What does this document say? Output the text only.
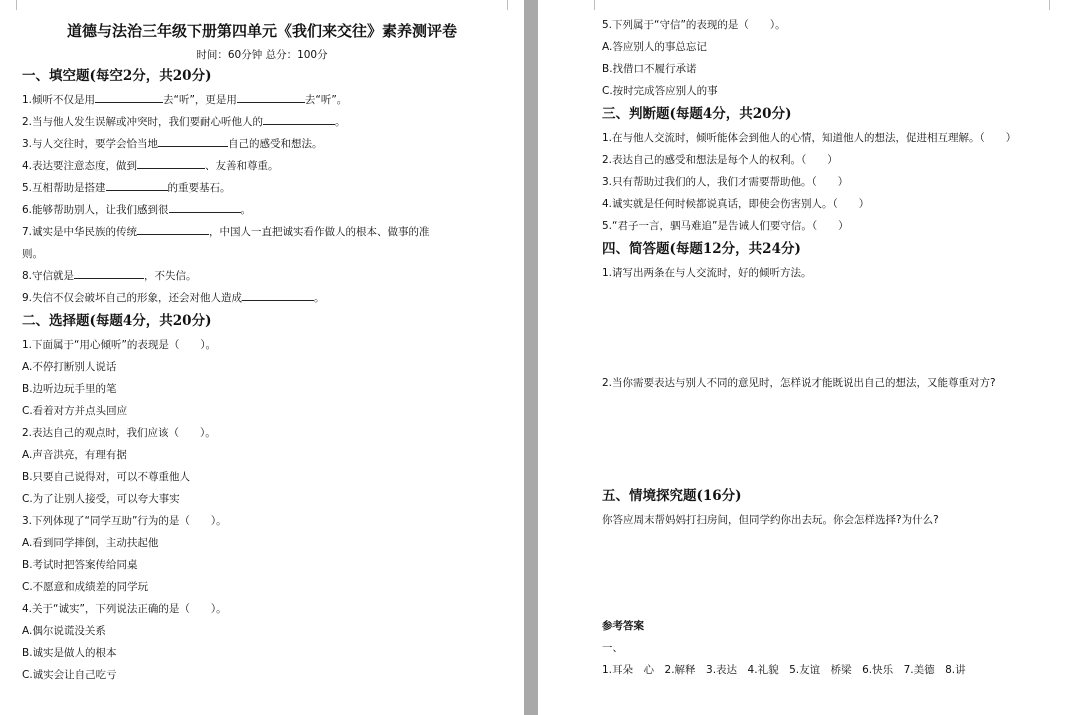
道德与法治三年级下册第四单元《我们来交往》素养测评卷
时间：60分钟 总分：100分
一、填空题(每空2分，共20分)
1.倾听不仅是用	去“听”，更是用	去“听”。
2.当与他人发生误解或冲突时，我们要耐心听他人的	。
3.与人交往时，要学会恰当地	自己的感受和想法。
4.表达要注意态度，做到	、友善和尊重。
5.互相帮助是搭建	的重要基石。
6.能够帮助别人，让我们感到很	。
7.诚实是中华民族的传统	，中国人一直把诚实看作做人的根本、做事的准
则。
8.守信就是	，不失信。
9.失信不仅会破坏自己的形象，还会对他人造成	。
二、选择题(每题4分，共20分)
1.下面属于“用心倾听”的表现是（　　）。
A.不停打断别人说话
B.边听边玩手里的笔
C.看着对方并点头回应
2.表达自己的观点时，我们应该（　　）。
A.声音洪亮，有理有据
B.只要自己说得对，可以不尊重他人
C.为了让别人接受，可以夸大事实
3.下列体现了“同学互助”行为的是（　　）。
A.看到同学摔倒，主动扶起他
B.考试时把答案传给同桌
C.不愿意和成绩差的同学玩
4.关于“诚实”，下列说法正确的是（　　）。
A.偶尔说谎没关系
B.诚实是做人的根本
C.诚实会让自己吃亏
5.下列属于“守信”的表现的是（　　）。
A.答应别人的事总忘记
B.找借口不履行承诺
C.按时完成答应别人的事
三、判断题(每题4分，共20分)
1.在与他人交流时，倾听能体会到他人的心情，知道他人的想法，促进相互理解。（　　）
2.表达自己的感受和想法是每个人的权利。（　　）
3.只有帮助过我们的人，我们才需要帮助他。（　　）
4.诚实就是任何时候都说真话，即使会伤害别人。（　　）
5.“君子一言，驷马难追”是告诫人们要守信。（　　）
四、简答题(每题12分，共24分)
1.请写出两条在与人交流时，好的倾听方法。
2.当你需要表达与别人不同的意见时，怎样说才能既说出自己的想法，又能尊重对方?
五、情境探究题(16分)
你答应周末帮妈妈打扫房间，但同学约你出去玩。你会怎样选择?为什么?
参考答案
一、
1.耳朵　心　2.解释　3.表达　4.礼貌　5.友谊　桥梁　6.快乐　7.美德　8.讲
